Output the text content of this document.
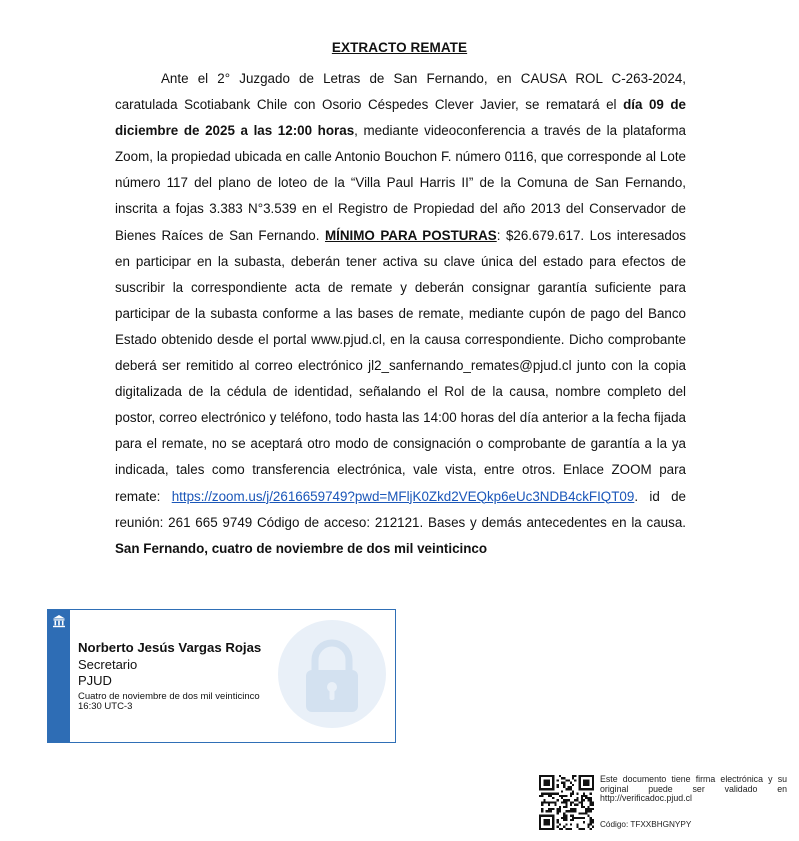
EXTRACTO REMATE
Ante el 2° Juzgado de Letras de San Fernando, en CAUSA ROL C-263-2024, caratulada Scotiabank Chile con Osorio Céspedes Clever Javier, se rematará el día 09 de diciembre de 2025 a las 12:00 horas, mediante videoconferencia a través de la plataforma Zoom, la propiedad ubicada en calle Antonio Bouchon F. número 0116, que corresponde al Lote número 117 del plano de loteo de la “Villa Paul Harris II” de la Comuna de San Fernando, inscrita a fojas 3.383 N°3.539 en el Registro de Propiedad del año 2013 del Conservador de Bienes Raíces de San Fernando. MÍNIMO PARA POSTURAS: $26.679.617. Los interesados en participar en la subasta, deberán tener activa su clave única del estado para efectos de suscribir la correspondiente acta de remate y deberán consignar garantía suficiente para participar de la subasta conforme a las bases de remate, mediante cupón de pago del Banco Estado obtenido desde el portal www.pjud.cl, en la causa correspondiente. Dicho comprobante deberá ser remitido al correo electrónico jl2_sanfernando_remates@pjud.cl junto con la copia digitalizada de la cédula de identidad, señalando el Rol de la causa, nombre completo del postor, correo electrónico y teléfono, todo hasta las 14:00 horas del día anterior a la fecha fijada para el remate, no se aceptará otro modo de consignación o comprobante de garantía a la ya indicada, tales como transferencia electrónica, vale vista, entre otros. Enlace ZOOM para remate: https://zoom.us/j/2616659749?pwd=MFljK0Zkd2VEQkp6eUc3NDB4ckFIQT09. id de reunión: 261 665 9749 Código de acceso: 212121. Bases y demás antecedentes en la causa. San Fernando, cuatro de noviembre de dos mil veinticinco
Norberto Jesús Vargas Rojas
Secretario
PJUD
Cuatro de noviembre de dos mil veinticinco
16:30 UTC-3
Este documento tiene firma electrónica y su original puede ser validado en http://verificadoc.pjud.cl
Código: TFXXBHGNYPY
